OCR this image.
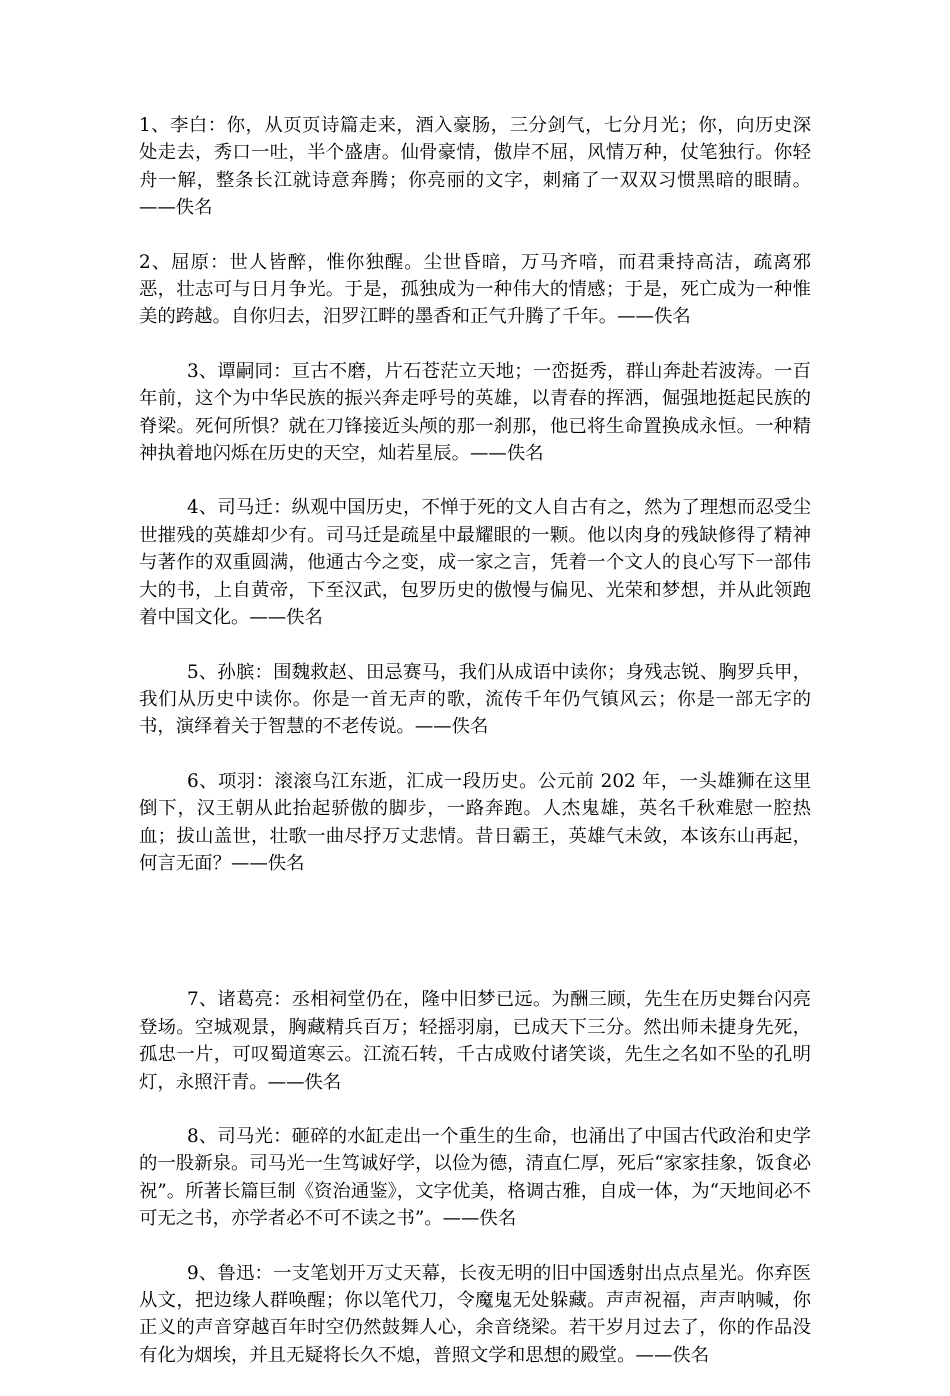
1、李白：你，从页页诗篇走来，酒入豪肠，三分剑气，七分月光；你，向历史深处走去，秀口一吐，半个盛唐。仙骨豪情，傲岸不屈，风情万种，仗笔独行。你轻舟一解，整条长江就诗意奔腾；你亮丽的文字，刺痛了一双双习惯黑暗的眼睛。——佚名

2、屈原：世人皆醉，惟你独醒。尘世昏暗，万马齐喑，而君秉持高洁，疏离邪恶，壮志可与日月争光。于是，孤独成为一种伟大的情感；于是，死亡成为一种惟美的跨越。自你归去，汨罗江畔的墨香和正气升腾了千年。——佚名

3、谭嗣同：亘古不磨，片石苍茫立天地；一峦挺秀，群山奔赴若波涛。一百年前，这个为中华民族的振兴奔走呼号的英雄，以青春的挥洒，倔强地挺起民族的脊梁。死何所惧？就在刀锋接近头颅的那一刹那，他已将生命置换成永恒。一种精神执着地闪烁在历史的天空，灿若星辰。——佚名

4、司马迁：纵观中国历史，不惮于死的文人自古有之，然为了理想而忍受尘世摧残的英雄却少有。司马迁是疏星中最耀眼的一颗。他以肉身的残缺修得了精神与著作的双重圆满，他通古今之变，成一家之言，凭着一个文人的良心写下一部伟大的书，上自黄帝，下至汉武，包罗历史的傲慢与偏见、光荣和梦想，并从此领跑着中国文化。——佚名

5、孙膑：围魏救赵、田忌赛马，我们从成语中读你；身残志锐、胸罗兵甲，我们从历史中读你。你是一首无声的歌，流传千年仍气镇风云；你是一部无字的书，演绎着关于智慧的不老传说。——佚名

6、项羽：滚滚乌江东逝，汇成一段历史。公元前 202 年，一头雄狮在这里倒下，汉王朝从此抬起骄傲的脚步，一路奔跑。人杰鬼雄，英名千秋难慰一腔热血；拔山盖世，壮歌一曲尽抒万丈悲情。昔日霸王，英雄气未敛，本该东山再起，何言无面？——佚名

7、诸葛亮：丞相祠堂仍在，隆中旧梦已远。为酬三顾，先生在历史舞台闪亮登场。空城观景，胸藏精兵百万；轻摇羽扇，已成天下三分。然出师未捷身先死，孤忠一片，可叹蜀道寒云。江流石转，千古成败付诸笑谈，先生之名如不坠的孔明灯，永照汗青。——佚名

8、司马光：砸碎的水缸走出一个重生的生命，也涌出了中国古代政治和史学的一股新泉。司马光一生笃诚好学，以俭为德，清直仁厚，死后“家家挂象，饭食必祝”。所著长篇巨制《资治通鉴》，文字优美，格调古雅，自成一体，为“天地间必不可无之书，亦学者必不可不读之书”。——佚名

9、鲁迅：一支笔划开万丈天幕，长夜无明的旧中国透射出点点星光。你弃医从文，把边缘人群唤醒；你以笔代刀，令魔鬼无处躲藏。声声祝福，声声呐喊，你正义的声音穿越百年时空仍然鼓舞人心，余音绕梁。若干岁月过去了，你的作品没有化为烟埃，并且无疑将长久不熄，普照文学和思想的殿堂。——佚名
